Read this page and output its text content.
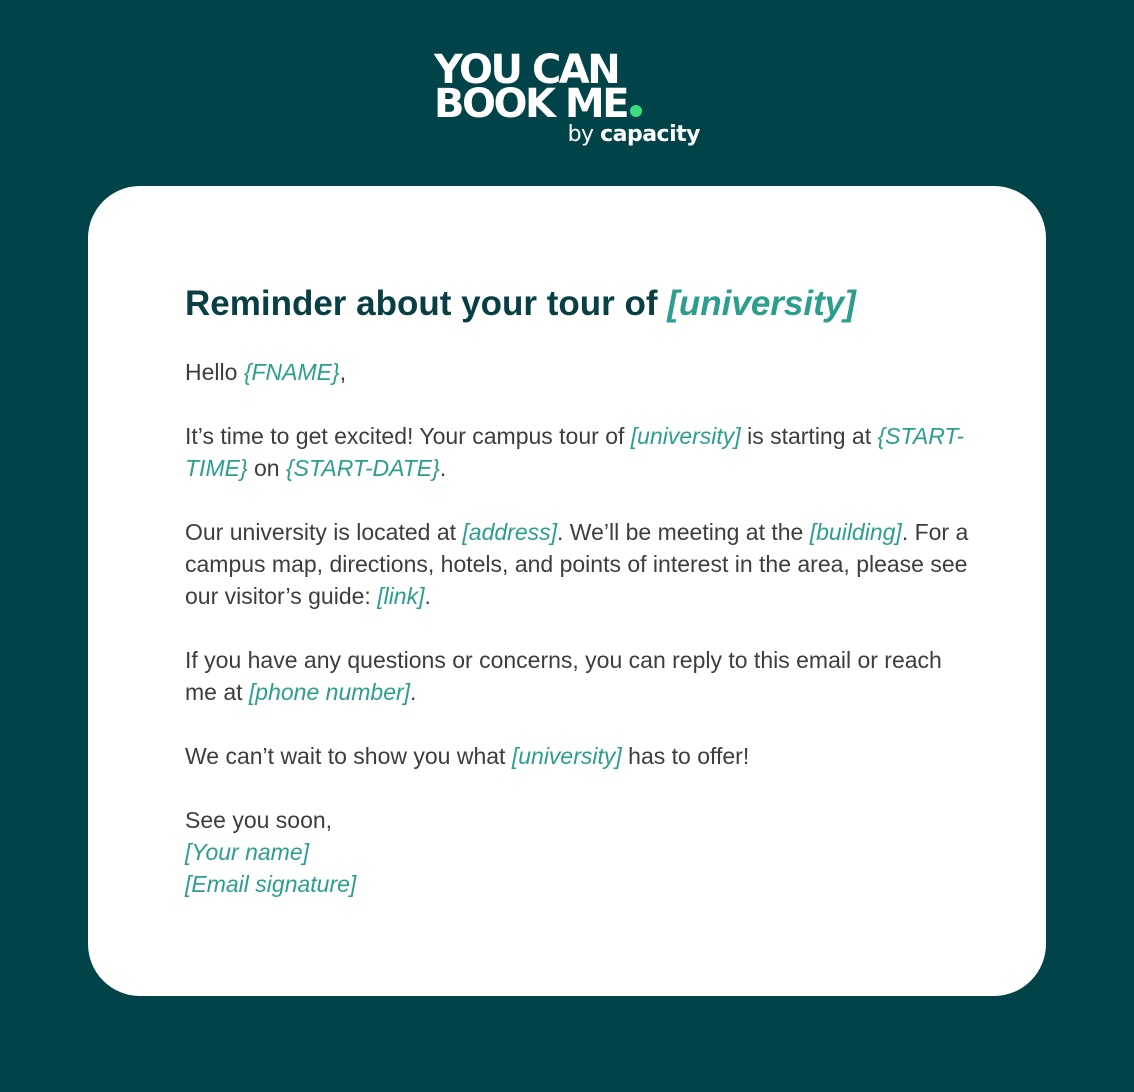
YOU CAN
BOOK ME
by capacity
Reminder about your tour of [university]

Hello {FNAME},

It’s time to get excited! Your campus tour of [university] is starting at {START-TIME} on {START-DATE}.

Our university is located at [address]. We’ll be meeting at the [building]. For a campus map, directions, hotels, and points of interest in the area, please see our visitor’s guide: [link].

If you have any questions or concerns, you can reply to this email or reach me at [phone number].

We can’t wait to show you what [university] has to offer!

See you soon,

[Your name]

[Email signature]
